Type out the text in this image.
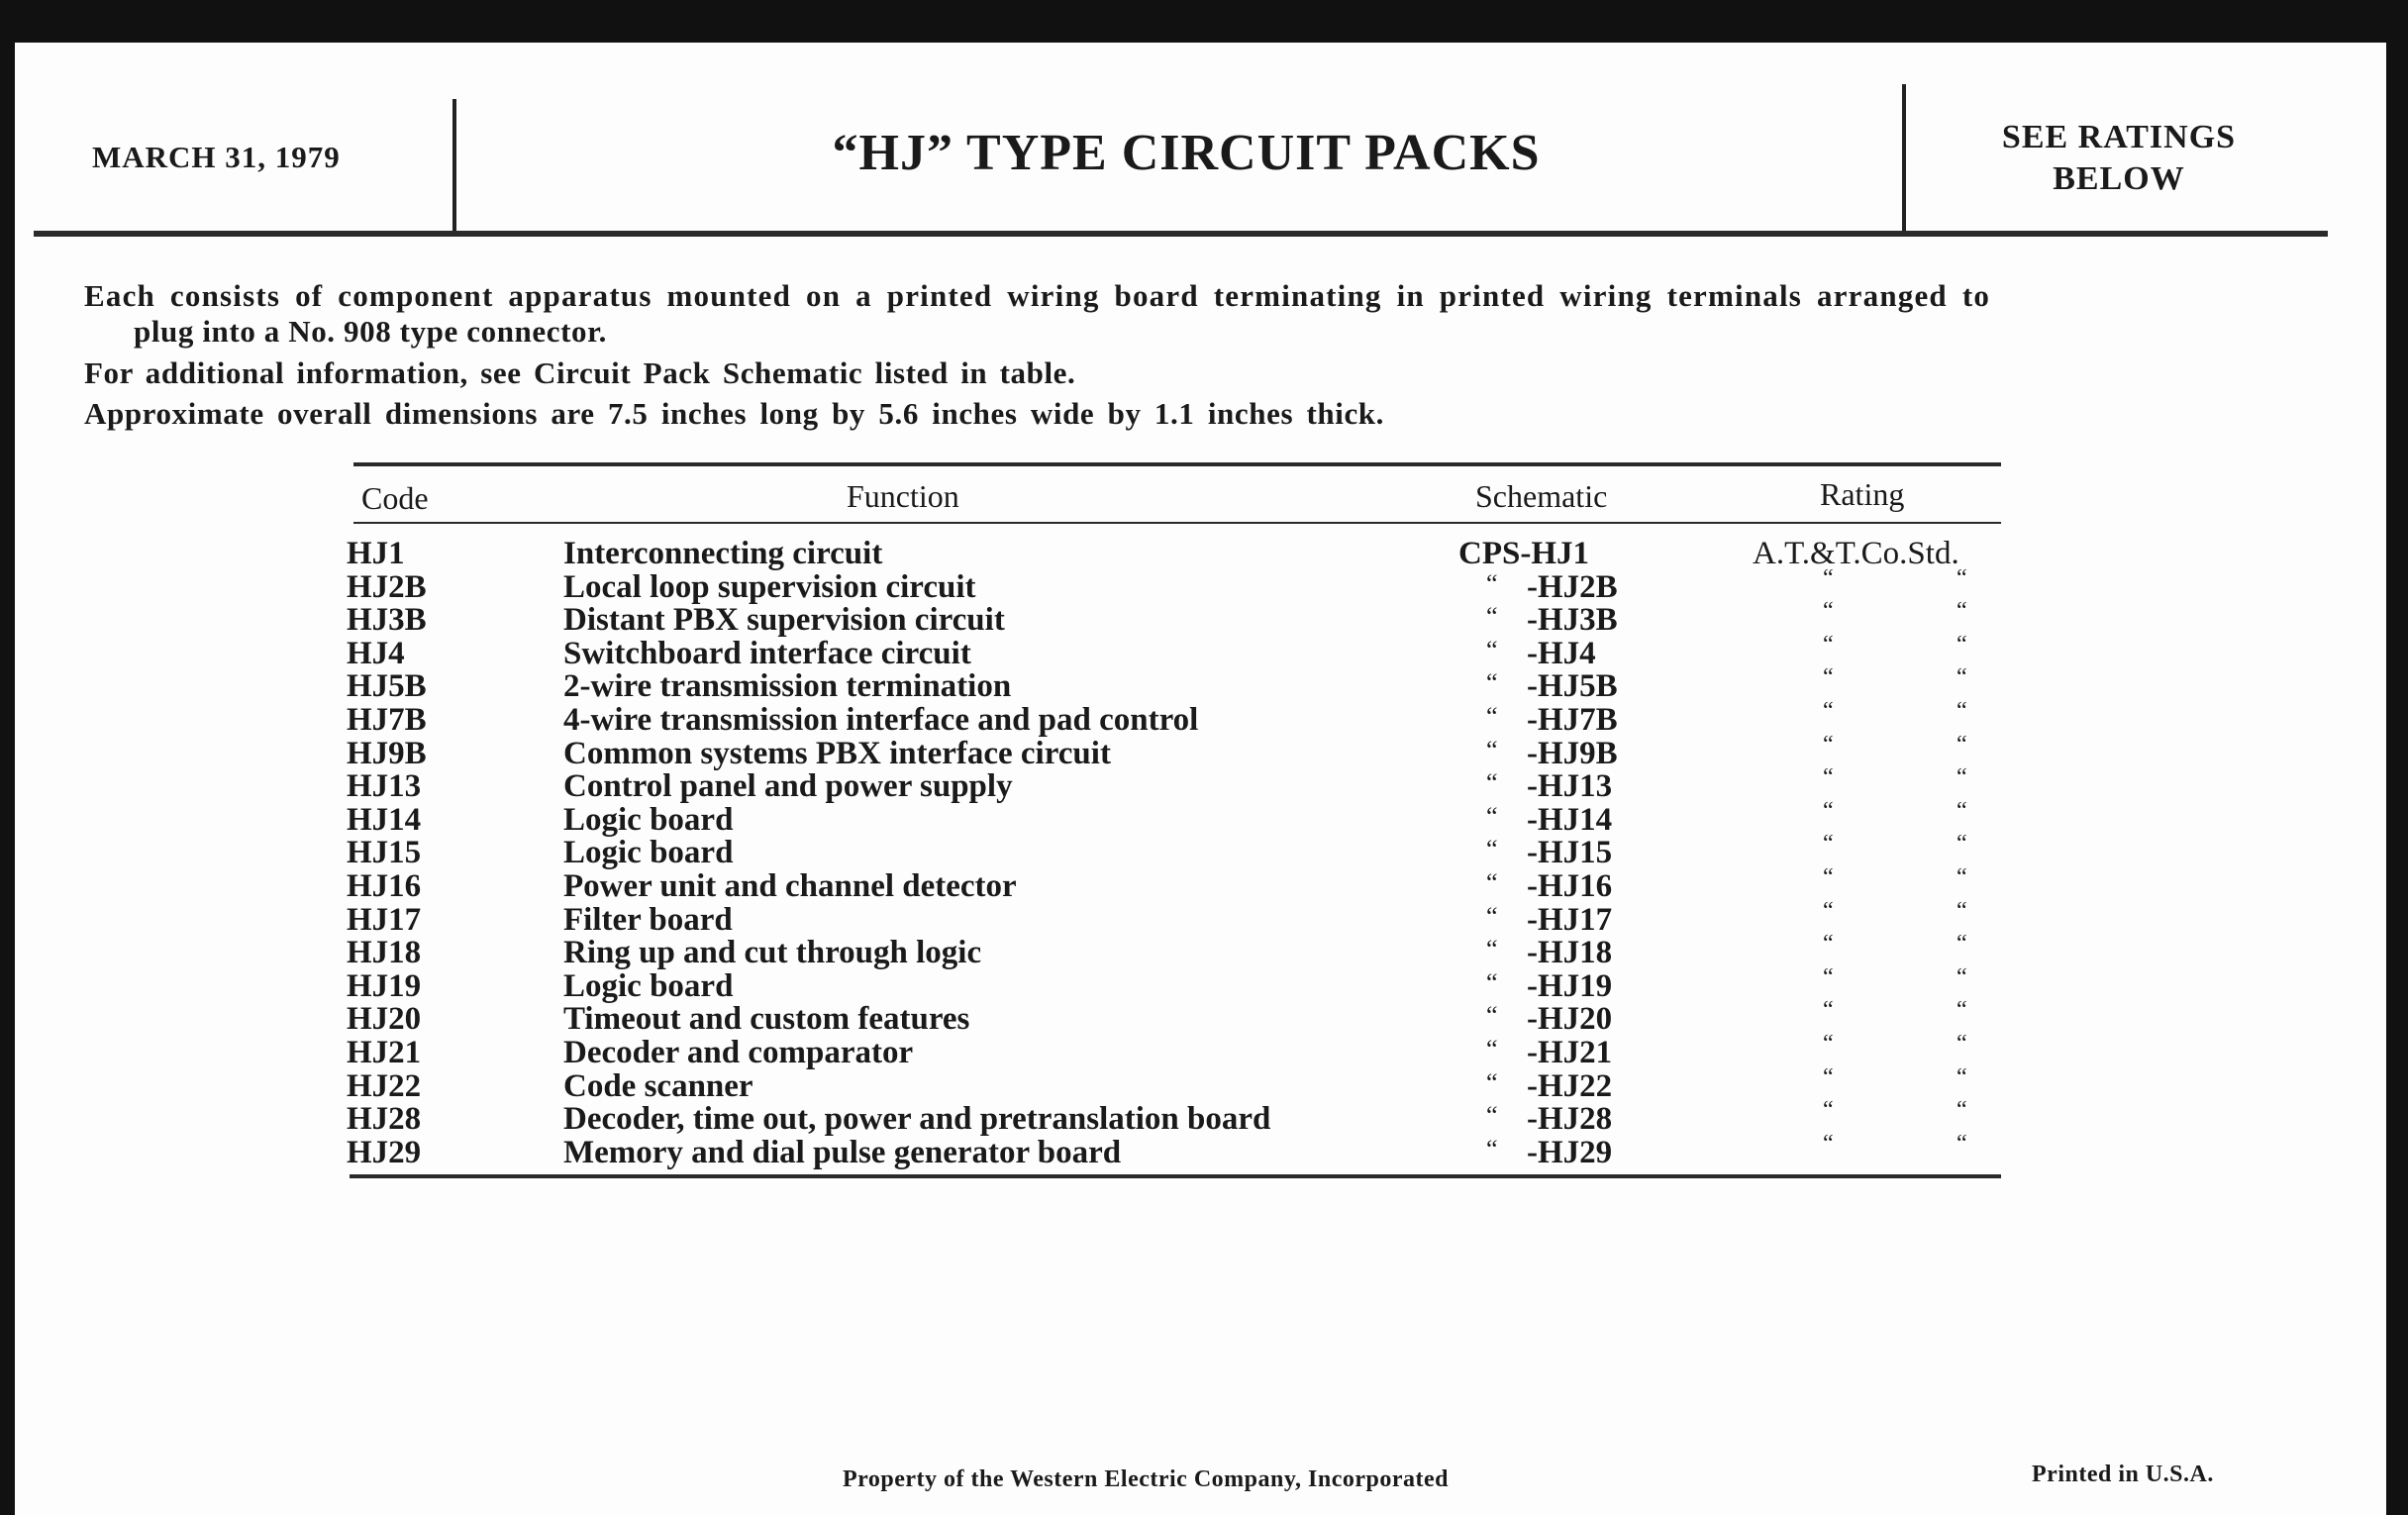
MARCH 31, 1979	“HJ” TYPE CIRCUIT PACKS	SEE RATINGS
BELOW
Each consists of component apparatus mounted on a printed wiring board terminating in printed wiring terminals arranged to
plug into a No. 908 type connector.
For additional information, see Circuit Pack Schematic listed in table.
Approximate overall dimensions are 7.5 inches long by 5.6 inches wide by 1.1 inches thick.
Code	Function	Schematic	Rating
HJ1	Interconnecting circuit	CPS-HJ1	A.T.&T.Co.Std.
HJ2B	Local loop supervision circuit	“ -HJ2B	“	“
HJ3B	Distant PBX supervision circuit	“ -HJ3B	“	“
HJ4	Switchboard interface circuit	“ -HJ4	“	“
HJ5B	2-wire transmission termination	“ -HJ5B	“	“
HJ7B	4-wire transmission interface and pad control	“ -HJ7B	“	“
HJ9B	Common systems PBX interface circuit	“ -HJ9B	“	“
HJ13	Control panel and power supply	“ -HJ13	“	“
HJ14	Logic board	“ -HJ14	“	“
HJ15	Logic board	“ -HJ15	“	“
HJ16	Power unit and channel detector	“ -HJ16	“	“
HJ17	Filter board	“ -HJ17	“	“
HJ18	Ring up and cut through logic	“ -HJ18	“	“
HJ19	Logic board	“ -HJ19	“	“
HJ20	Timeout and custom features	“ -HJ20	“	“
HJ21	Decoder and comparator	“ -HJ21	“	“
HJ22	Code scanner	“ -HJ22	“	“
HJ28	Decoder, time out, power and pretranslation board	“ -HJ28	“	“
HJ29	Memory and dial pulse generator board	“ -HJ29	“	“
Property of the Western Electric Company, Incorporated	Printed in U.S.A.
